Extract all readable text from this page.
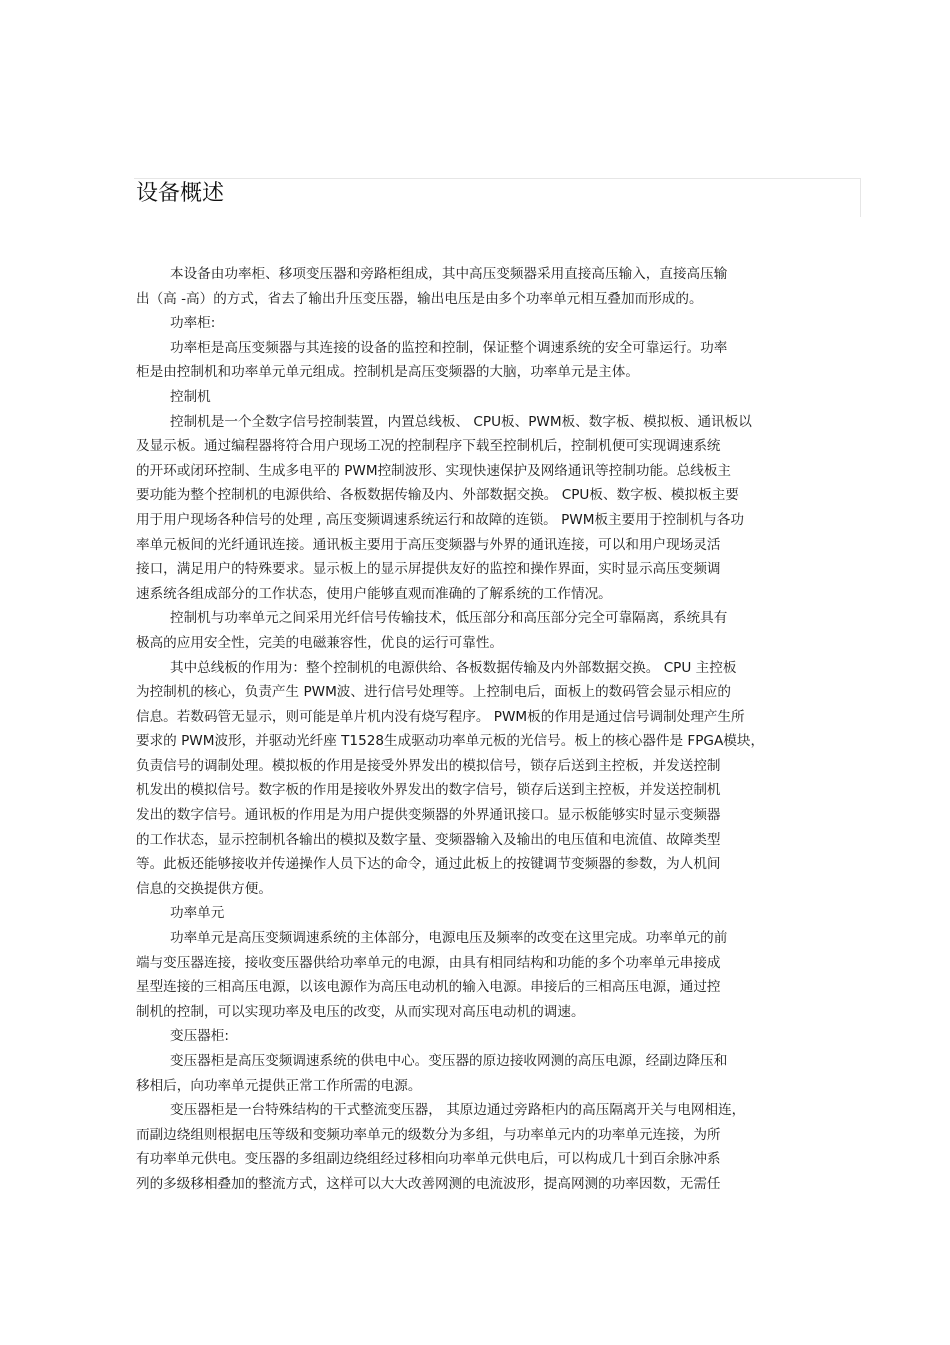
设备概述
本设备由功率柜、移项变压器和旁路柜组成，其中高压变频器采用直接高压输入，直接高压输
出（高 -高）的方式，省去了输出升压变压器，输出电压是由多个功率单元相互叠加而形成的。
功率柜:
功率柜是高压变频器与其连接的设备的监控和控制，保证整个调速系统的安全可靠运行。功率
柜是由控制机和功率单元单元组成。控制机是高压变频器的大脑，功率单元是主体。
控制机
控制机是一个全数字信号控制装置，内置总线板、 CPU板、PWM板、数字板、模拟板、通讯板以
及显示板。通过编程器将符合用户现场工况的控制程序下载至控制机后，控制机便可实现调速系统
的开环或闭环控制、生成多电平的 PWM控制波形、实现快速保护及网络通讯等控制功能。总线板主
要功能为整个控制机的电源供给、各板数据传输及内、外部数据交换。 CPU板、数字板、模拟板主要
用于用户现场各种信号的处理 , 高压变频调速系统运行和故障的连锁。 PWM板主要用于控制机与各功
率单元板间的光纤通讯连接。通讯板主要用于高压变频器与外界的通讯连接，可以和用户现场灵活
接口，满足用户的特殊要求。显示板上的显示屏提供友好的监控和操作界面，实时显示高压变频调
速系统各组成部分的工作状态，使用户能够直观而准确的了解系统的工作情况。
控制机与功率单元之间采用光纤信号传输技术，低压部分和高压部分完全可靠隔离，系统具有
极高的应用安全性，完美的电磁兼容性，优良的运行可靠性。
其中总线板的作用为：整个控制机的电源供给、各板数据传输及内外部数据交换。 CPU 主控板
为控制机的核心，负责产生 PWM波、进行信号处理等。上控制电后，面板上的数码管会显示相应的
信息。若数码管无显示，则可能是单片机内没有烧写程序。 PWM板的作用是通过信号调制处理产生所
要求的 PWM波形，并驱动光纤座 T1528生成驱动功率单元板的光信号。板上的核心器件是 FPGA模块，
负责信号的调制处理。模拟板的作用是接受外界发出的模拟信号，锁存后送到主控板，并发送控制
机发出的模拟信号。数字板的作用是接收外界发出的数字信号，锁存后送到主控板，并发送控制机
发出的数字信号。通讯板的作用是为用户提供变频器的外界通讯接口。显示板能够实时显示变频器
的工作状态，显示控制机各输出的模拟及数字量、变频器输入及输出的电压值和电流值、故障类型
等。此板还能够接收并传递操作人员下达的命令，通过此板上的按键调节变频器的参数，为人机间
信息的交换提供方便。
功率单元
功率单元是高压变频调速系统的主体部分，电源电压及频率的改变在这里完成。功率单元的前
端与变压器连接，接收变压器供给功率单元的电源，由具有相同结构和功能的多个功率单元串接成
星型连接的三相高压电源，以该电源作为高压电动机的输入电源。串接后的三相高压电源，通过控
制机的控制，可以实现功率及电压的改变，从而实现对高压电动机的调速。
变压器柜:
变压器柜是高压变频调速系统的供电中心。变压器的原边接收网测的高压电源，经副边降压和
移相后，向功率单元提供正常工作所需的电源。
变压器柜是一台特殊结构的干式整流变压器， 其原边通过旁路柜内的高压隔离开关与电网相连，
而副边绕组则根据电压等级和变频功率单元的级数分为多组，与功率单元内的功率单元连接，为所
有功率单元供电。变压器的多组副边绕组经过移相向功率单元供电后，可以构成几十到百余脉冲系
列的多级移相叠加的整流方式，这样可以大大改善网测的电流波形，提高网测的功率因数，无需任
